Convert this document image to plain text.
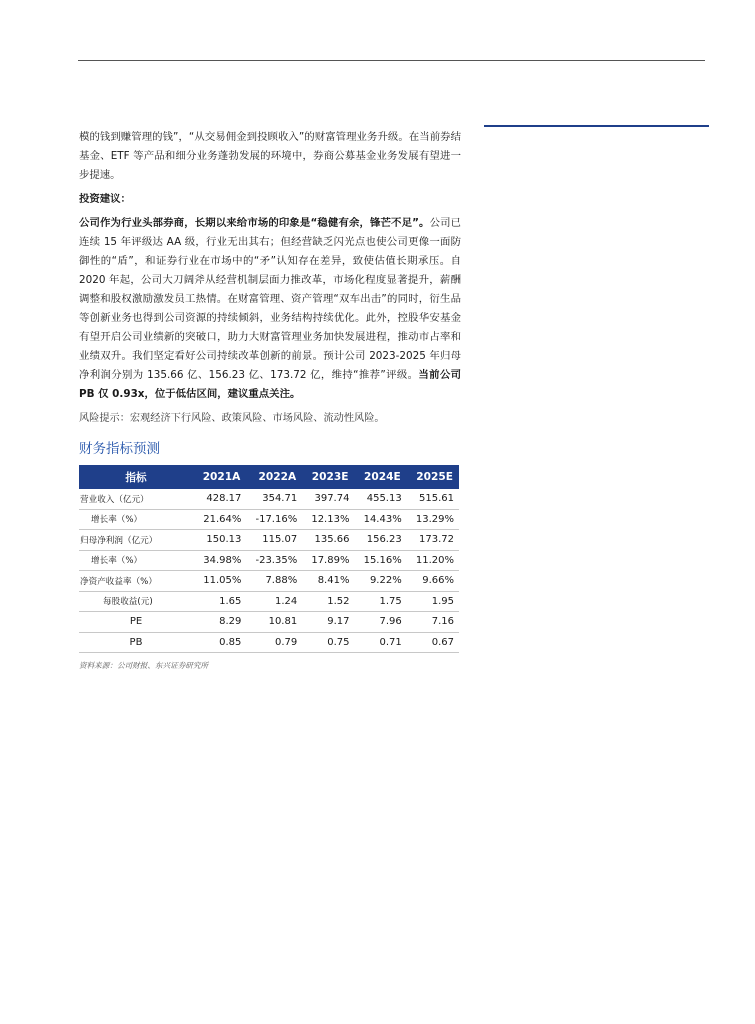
模的钱到赚管理的钱”，“从交易佣金到投顾收入”的财富管理业务升级。在当前券结基金、ETF 等产品和细分业务蓬勃发展的环境中，券商公募基金业务发展有望进一步提速。

投资建议：

公司作为行业头部券商，长期以来给市场的印象是“稳健有余，锋芒不足”。公司已连续 15 年评级达 AA 级，行业无出其右；但经营缺乏闪光点也使公司更像一面防御性的“盾”，和证券行业在市场中的“矛”认知存在差异，致使估值长期承压。自 2020 年起，公司大刀阔斧从经营机制层面力推改革，市场化程度显著提升，薪酬调整和股权激励激发员工热情。在财富管理、资产管理“双车出击”的同时，衍生品等创新业务也得到公司资源的持续倾斜，业务结构持续优化。此外，控股华安基金有望开启公司业绩新的突破口，助力大财富管理业务加快发展进程，推动市占率和业绩双升。我们坚定看好公司持续改革创新的前景。预计公司 2023-2025 年归母净利润分别为 135.66 亿、156.23 亿、173.72 亿，维持“推荐”评级。当前公司 PB 仅 0.93x，位于低估区间，建议重点关注。

风险提示：宏观经济下行风险、政策风险、市场风险、流动性风险。

财务指标预测
指标	2021A	2022A	2023E	2024E	2025E
营业收入（亿元）	428.17	354.71	397.74	455.13	515.61
增长率（%）	21.64%	-17.16%	12.13%	14.43%	13.29%
归母净利润（亿元）	150.13	115.07	135.66	156.23	173.72
增长率（%）	34.98%	-23.35%	17.89%	15.16%	11.20%
净资产收益率（%）	11.05%	7.88%	8.41%	9.22%	9.66%
每股收益(元)	1.65	1.24	1.52	1.75	1.95
PE	8.29	10.81	9.17	7.96	7.16
PB	0.85	0.79	0.75	0.71	0.67
资料来源：公司财报、东兴证券研究所
